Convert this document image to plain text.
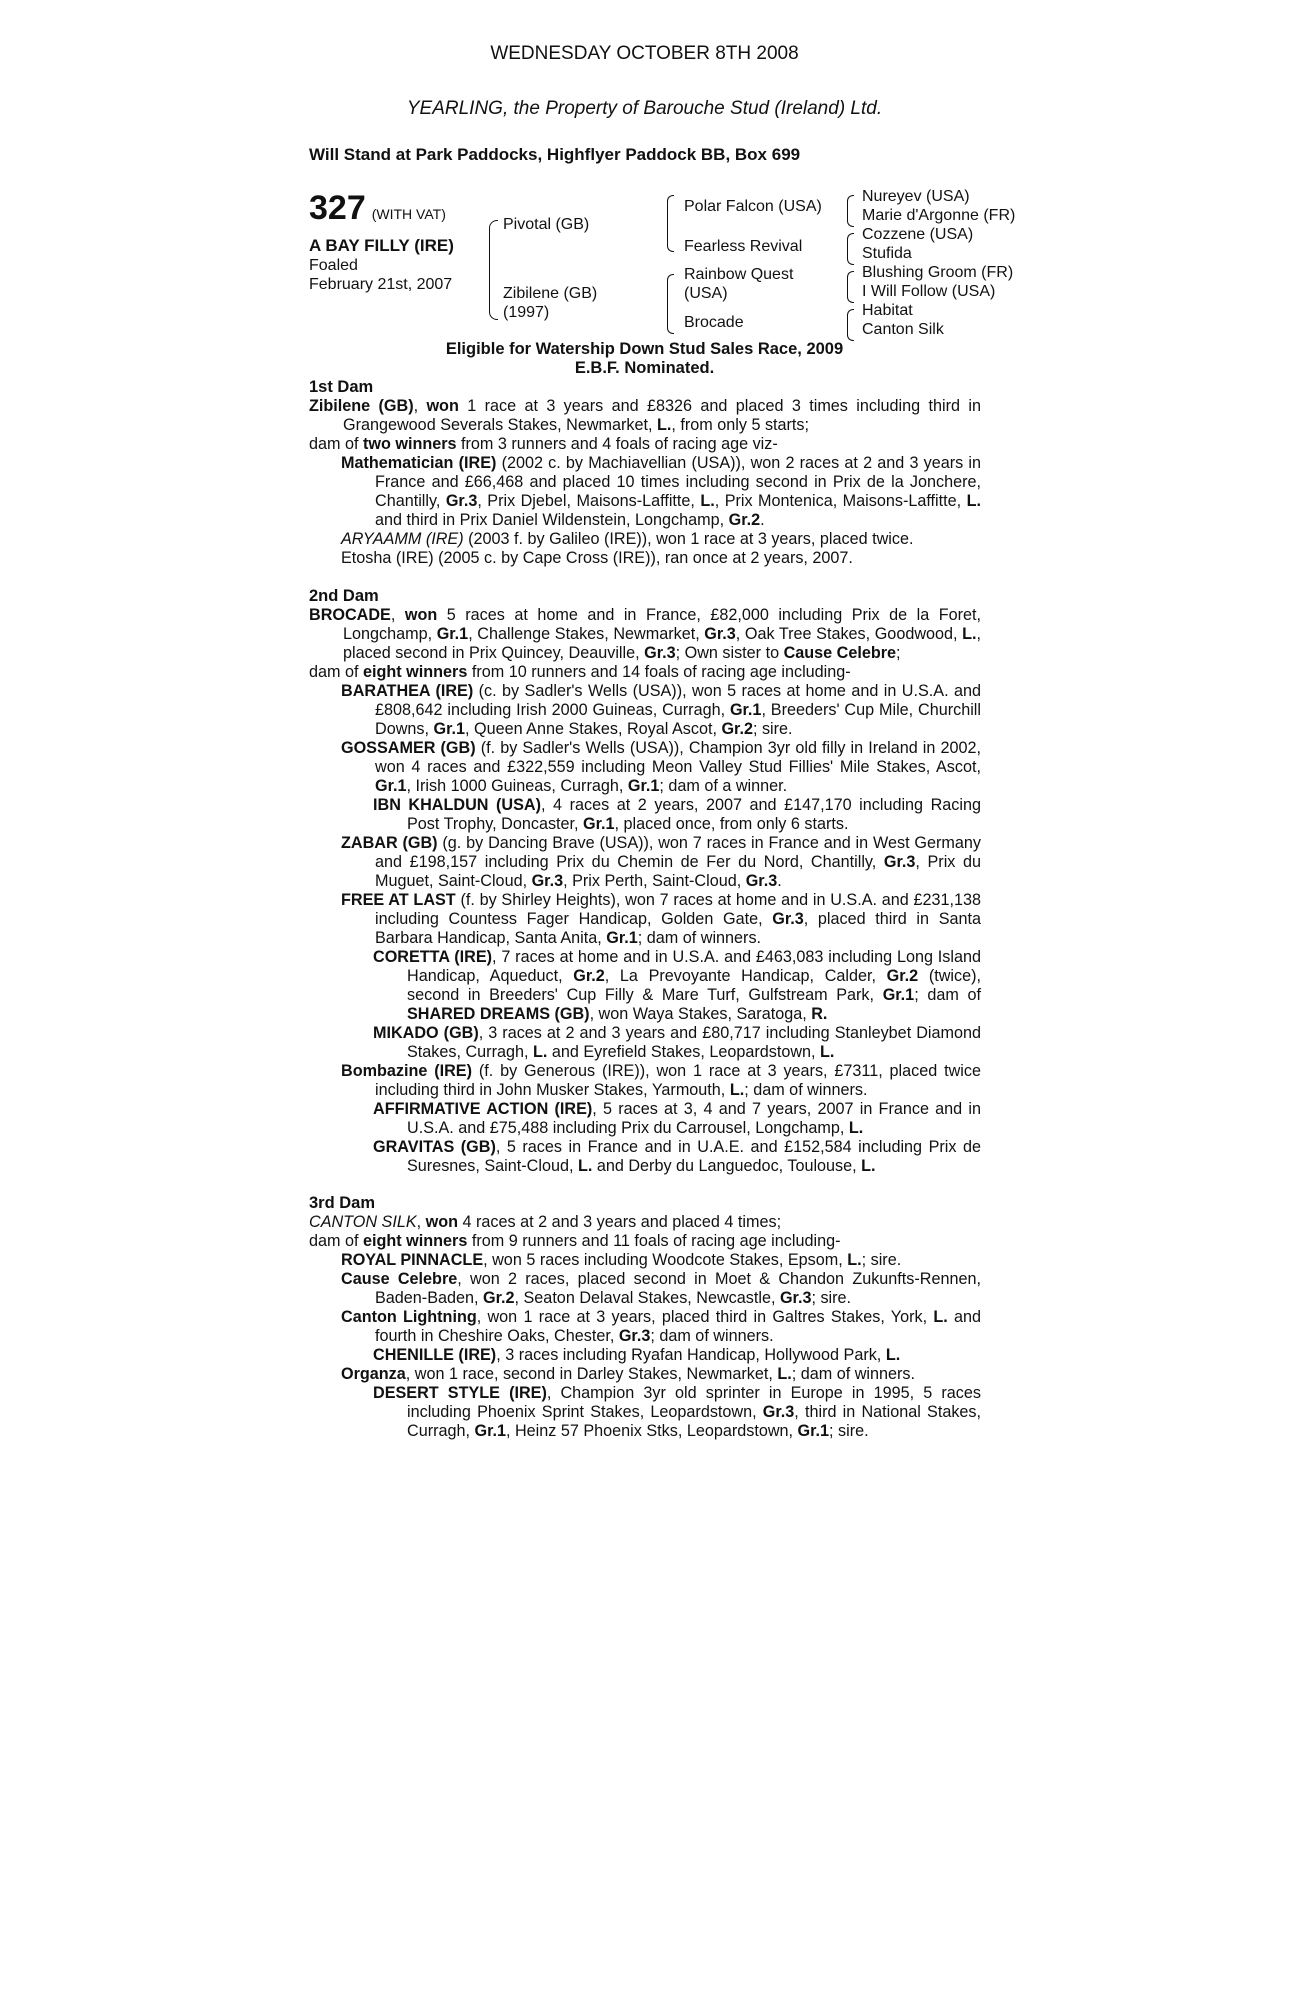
WEDNESDAY OCTOBER 8TH 2008
YEARLING, the Property of Barouche Stud (Ireland) Ltd.
Will Stand at Park Paddocks, Highflyer Paddock BB, Box 699
327 (WITH VAT)
A BAY FILLY (IRE)
Foaled
February 21st, 2007
Pivotal (GB)
Zibilene (GB)
(1997)
Polar Falcon (USA)
Fearless Revival
Rainbow Quest
(USA)
Brocade
Nureyev (USA)
Marie d'Argonne (FR)
Cozzene (USA)
Stufida
Blushing Groom (FR)
I Will Follow (USA)
Habitat
Canton Silk
Eligible for Watership Down Stud Sales Race, 2009
E.B.F. Nominated.
1st Dam
Zibilene (GB), won 1 race at 3 years and £8326 and placed 3 times including third in Grangewood Severals Stakes, Newmarket, L., from only 5 starts;
dam of two winners from 3 runners and 4 foals of racing age viz-
Mathematician (IRE) (2002 c. by Machiavellian (USA)), won 2 races at 2 and 3 years in France and £66,468 and placed 10 times including second in Prix de la Jonchere, Chantilly, Gr.3, Prix Djebel, Maisons-Laffitte, L., Prix Montenica, Maisons-Laffitte, L. and third in Prix Daniel Wildenstein, Longchamp, Gr.2.
ARYAAMM (IRE) (2003 f. by Galileo (IRE)), won 1 race at 3 years, placed twice.
Etosha (IRE) (2005 c. by Cape Cross (IRE)), ran once at 2 years, 2007.
2nd Dam
BROCADE, won 5 races at home and in France, £82,000 including Prix de la Foret, Longchamp, Gr.1, Challenge Stakes, Newmarket, Gr.3, Oak Tree Stakes, Goodwood, L., placed second in Prix Quincey, Deauville, Gr.3; Own sister to Cause Celebre;
dam of eight winners from 10 runners and 14 foals of racing age including-
BARATHEA (IRE) (c. by Sadler's Wells (USA)), won 5 races at home and in U.S.A. and £808,642 including Irish 2000 Guineas, Curragh, Gr.1, Breeders' Cup Mile, Churchill Downs, Gr.1, Queen Anne Stakes, Royal Ascot, Gr.2; sire.
GOSSAMER (GB) (f. by Sadler's Wells (USA)), Champion 3yr old filly in Ireland in 2002, won 4 races and £322,559 including Meon Valley Stud Fillies' Mile Stakes, Ascot, Gr.1, Irish 1000 Guineas, Curragh, Gr.1; dam of a winner.
IBN KHALDUN (USA), 4 races at 2 years, 2007 and £147,170 including Racing Post Trophy, Doncaster, Gr.1, placed once, from only 6 starts.
ZABAR (GB) (g. by Dancing Brave (USA)), won 7 races in France and in West Germany and £198,157 including Prix du Chemin de Fer du Nord, Chantilly, Gr.3, Prix du Muguet, Saint-Cloud, Gr.3, Prix Perth, Saint-Cloud, Gr.3.
FREE AT LAST (f. by Shirley Heights), won 7 races at home and in U.S.A. and £231,138 including Countess Fager Handicap, Golden Gate, Gr.3, placed third in Santa Barbara Handicap, Santa Anita, Gr.1; dam of winners.
CORETTA (IRE), 7 races at home and in U.S.A. and £463,083 including Long Island Handicap, Aqueduct, Gr.2, La Prevoyante Handicap, Calder, Gr.2 (twice), second in Breeders' Cup Filly & Mare Turf, Gulfstream Park, Gr.1; dam of SHARED DREAMS (GB), won Waya Stakes, Saratoga, R.
MIKADO (GB), 3 races at 2 and 3 years and £80,717 including Stanleybet Diamond Stakes, Curragh, L. and Eyrefield Stakes, Leopardstown, L.
Bombazine (IRE) (f. by Generous (IRE)), won 1 race at 3 years, £7311, placed twice including third in John Musker Stakes, Yarmouth, L.; dam of winners.
AFFIRMATIVE ACTION (IRE), 5 races at 3, 4 and 7 years, 2007 in France and in U.S.A. and £75,488 including Prix du Carrousel, Longchamp, L.
GRAVITAS (GB), 5 races in France and in U.A.E. and £152,584 including Prix de Suresnes, Saint-Cloud, L. and Derby du Languedoc, Toulouse, L.
3rd Dam
CANTON SILK, won 4 races at 2 and 3 years and placed 4 times;
dam of eight winners from 9 runners and 11 foals of racing age including-
ROYAL PINNACLE, won 5 races including Woodcote Stakes, Epsom, L.; sire.
Cause Celebre, won 2 races, placed second in Moet & Chandon Zukunfts-Rennen, Baden-Baden, Gr.2, Seaton Delaval Stakes, Newcastle, Gr.3; sire.
Canton Lightning, won 1 race at 3 years, placed third in Galtres Stakes, York, L. and fourth in Cheshire Oaks, Chester, Gr.3; dam of winners.
CHENILLE (IRE), 3 races including Ryafan Handicap, Hollywood Park, L.
Organza, won 1 race, second in Darley Stakes, Newmarket, L.; dam of winners.
DESERT STYLE (IRE), Champion 3yr old sprinter in Europe in 1995, 5 races including Phoenix Sprint Stakes, Leopardstown, Gr.3, third in National Stakes, Curragh, Gr.1, Heinz 57 Phoenix Stks, Leopardstown, Gr.1; sire.
